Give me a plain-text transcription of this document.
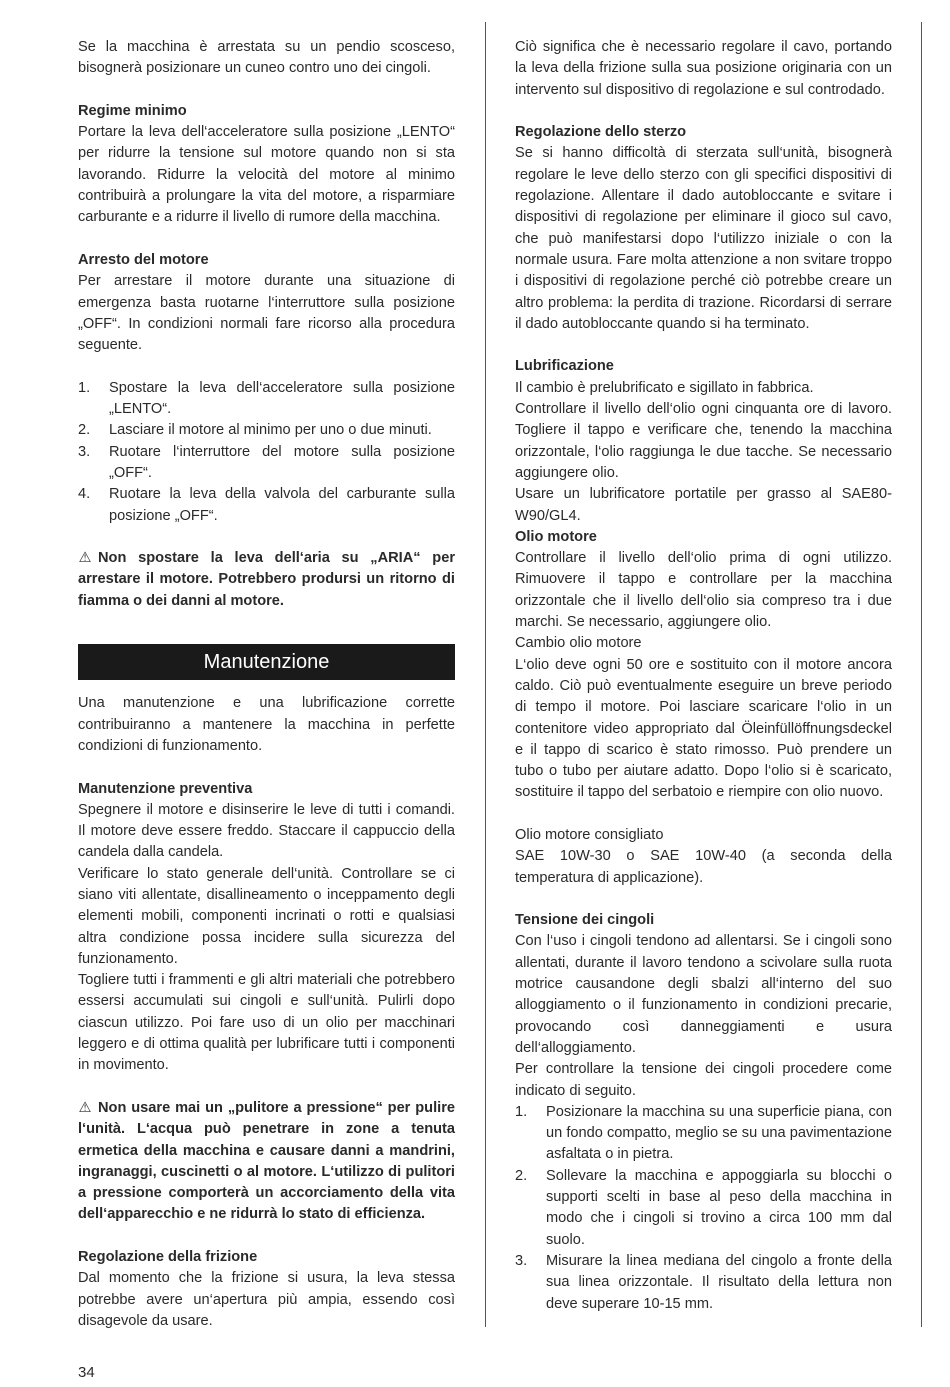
Se la macchina è arrestata su un pendio scosceso, bisognerà posizionare un cuneo contro uno dei cingoli.

Regime minimo

Portare la leva dell‘acceleratore sulla posizione „LENTO“ per ridurre la tensione sul motore quando non si sta lavorando. Ridurre la velocità del motore al minimo contribuirà a prolungare la vita del motore, a risparmiare carburante e a ridurre il livello di rumore della macchina.

Arresto del motore

Per arrestare il motore durante una situazione di emergenza basta ruotarne l‘interruttore sulla posizione „OFF“. In condizioni normali fare ricorso alla procedura seguente.

1.	Spostare la leva dell‘acceleratore sulla posizione „LENTO“.
2.	Lasciare il motore al minimo per uno o due minuti.
3.	Ruotare l‘interruttore del motore sulla posizione „OFF“.
4.	Ruotare la leva della valvola del carburante sulla posizione „OFF“.

⚠ Non spostare la leva dell‘aria su „ARIA“ per arrestare il motore. Potrebbero prodursi un ritorno di fiamma o dei danni al motore.

Manutenzione

Una manutenzione e una lubrificazione corrette contribuiranno a mantenere la macchina in perfette condizioni di funzionamento.

Manutenzione preventiva

Spegnere il motore e disinserire le leve di tutti i comandi. Il motore deve essere freddo. Staccare il cappuccio della candela dalla candela.

Verificare lo stato generale dell‘unità. Controllare se ci siano viti allentate, disallineamento o inceppamento degli elementi mobili, componenti incrinati o rotti e qualsiasi altra condizione possa incidere sulla sicurezza del funzionamento.

Togliere tutti i frammenti e gli altri materiali che potrebbero essersi accumulati sui cingoli e sull‘unità. Pulirli dopo ciascun utilizzo. Poi fare uso di un olio per macchinari leggero e di ottima qualità per lubrificare tutti i componenti in movimento.

⚠ Non usare mai un „pulitore a pressione“ per pulire l‘unità. L‘acqua può penetrare in zone a tenuta ermetica della macchina e causare danni a mandrini, ingranaggi, cuscinetti o al motore. L‘utilizzo di pulitori a pressione comporterà un accorciamento della vita dell‘apparecchio e ne ridurrà lo stato di efficienza.

Regolazione della frizione

Dal momento che la frizione si usura, la leva stessa potrebbe avere un‘apertura più ampia, essendo così disagevole da usare.

Ciò significa che è necessario regolare il cavo, portando la leva della frizione sulla sua posizione originaria con un intervento sul dispositivo di regolazione e sul controdado.

Regolazione dello sterzo

Se si hanno difficoltà di sterzata sull‘unità, bisognerà regolare le leve dello sterzo con gli specifici dispositivi di regolazione. Allentare il dado autobloccante e svitare i dispositivi di regolazione per eliminare il gioco sul cavo, che può manifestarsi dopo l‘utilizzo iniziale o con la normale usura. Fare molta attenzione a non svitare troppo i dispositivi di regolazione perché ciò potrebbe creare un altro problema: la perdita di trazione. Ricordarsi di serrare il dado autobloccante quando si ha terminato.

Lubrificazione

Il cambio è prelubrificato e sigillato in fabbrica.

Controllare il livello dell‘olio ogni cinquanta ore di lavoro. Togliere il tappo e verificare che, tenendo la macchina orizzontale, l‘olio raggiunga le due tacche. Se necessario aggiungere olio.

Usare un lubrificatore portatile per grasso al SAE80-W90/GL4.

Olio motore

Controllare il livello dell‘olio prima di ogni utilizzo. Rimuovere il tappo e controllare per la macchina orizzontale che il livello dell‘olio sia compreso tra i due marchi. Se necessario, aggiungere olio.

Cambio olio motore

L‘olio deve ogni 50 ore e sostituito con il motore ancora caldo. Ciò può eventualmente eseguire un breve periodo di tempo il motore. Poi lasciare scaricare l‘olio in un contenitore video appropriato dal Öleinfüllöffnungsdeckel e il tappo di scarico è stato rimosso. Può prendere un tubo o tubo per aiutare adatto. Dopo l‘olio si è scaricato, sostituire il tappo del serbatoio e riempire con olio nuovo.

Olio motore consigliato

SAE 10W-30 o SAE 10W-40 (a seconda della temperatura di applicazione).

Tensione dei cingoli

Con l‘uso i cingoli tendono ad allentarsi. Se i cingoli sono allentati, durante il lavoro tendono a scivolare sulla ruota motrice causandone degli sbalzi all‘interno del suo alloggiamento o il funzionamento in condizioni precarie, provocando così danneggiamenti e usura dell‘alloggiamento.

Per controllare la tensione dei cingoli procedere come indicato di seguito.

1.	Posizionare la macchina su una superficie piana, con un fondo compatto, meglio se su una pavimentazione asfaltata o in pietra.
2.	Sollevare la macchina e appoggiarla su blocchi o supporti scelti in base al peso della macchina in modo che i cingoli si trovino a circa 100 mm dal suolo.
3.	Misurare la linea mediana del cingolo a fronte della sua linea orizzontale. Il risultato della lettura non deve superare 10-15 mm.
34
